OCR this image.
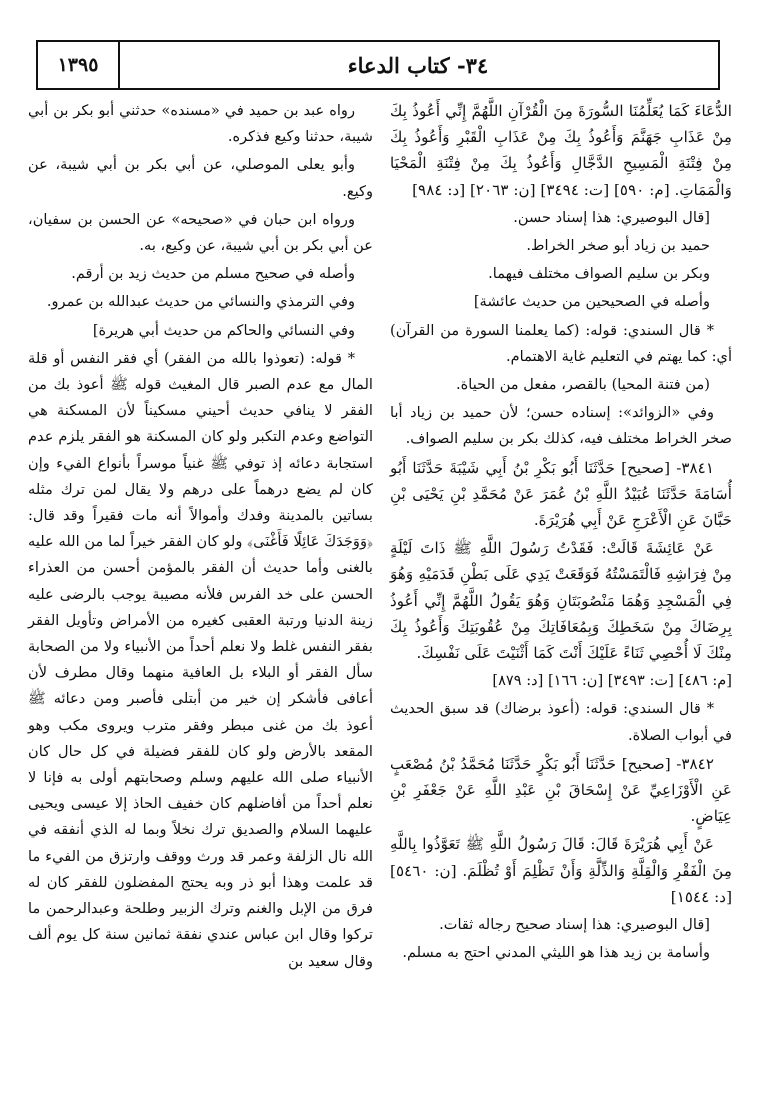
١٣٩٥	٣٤- كتاب الدعاء

الدُّعَاءَ كَمَا يُعَلِّمُنَا السُّورَةَ مِنَ الْقُرْآنِ اللَّهُمَّ إِنِّي أَعُوذُ بِكَ مِنْ عَذَابِ جَهَنَّمَ وَأَعُوذُ بِكَ مِنْ عَذَابِ الْقَبْرِ وَأَعُوذُ بِكَ مِنْ فِتْنَةِ الْمَسِيحِ الدَّجَّالِ وَأَعُوذُ بِكَ مِنْ فِتْنَةِ الْمَحْيَا وَالْمَمَاتِ. [م: ٥٩٠] [ت: ٣٤٩٤] [ن: ٢٠٦٣] [د: ٩٨٤]

[قال البوصيري: هذا إسناد حسن.

حميد بن زياد أبو صخر الخراط.

وبكر بن سليم الصواف مختلف فيهما.

وأصله في الصحيحين من حديث عائشة]

* قال السندي: قوله: (كما يعلمنا السورة من القرآن) أي: كما يهتم في التعليم غاية الاهتمام.

(من فتنة المحيا) بالقصر، مفعل من الحياة.

وفي «الزوائد»: إسناده حسن؛ لأن حميد بن زياد أبا صخر الخراط مختلف فيه، كذلك بكر بن سليم الصواف.

٣٨٤١- [صحيح] حَدَّثَنَا أَبُو بَكْرِ بْنُ أَبِي شَيْبَةَ حَدَّثَنَا أَبُو أُسَامَةَ حَدَّثَنَا عُبَيْدُ اللَّهِ بْنُ عُمَرَ عَنْ مُحَمَّدِ بْنِ يَحْيَى بْنِ حَبَّانَ عَنِ الْأَعْرَجِ عَنْ أَبِي هُرَيْرَةَ.

عَنْ عَائِشَةَ قَالَتْ: فَقَدْتُ رَسُولَ اللَّهِ ﷺ ذَاتَ لَيْلَةٍ مِنْ فِرَاشِهِ فَالْتَمَسْتُهُ فَوَقَعَتْ يَدِي عَلَى بَطْنِ قَدَمَيْهِ وَهُوَ فِي الْمَسْجِدِ وَهُمَا مَنْصُوبَتَانِ وَهُوَ يَقُولُ اللَّهُمَّ إِنِّي أَعُوذُ بِرِضَاكَ مِنْ سَخَطِكَ وَبِمُعَافَاتِكَ مِنْ عُقُوبَتِكَ وَأَعُوذُ بِكَ مِنْكَ لَا أُحْصِي ثَنَاءً عَلَيْكَ أَنْتَ كَمَا أَثْنَيْتَ عَلَى نَفْسِكَ.

[م: ٤٨٦] [ت: ٣٤٩٣] [ن: ١٦٦] [د: ٨٧٩]

* قال السندي: قوله: (أعوذ برضاك) قد سبق الحديث في أبواب الصلاة.

٣٨٤٢- [صحيح] حَدَّثَنَا أَبُو بَكْرٍ حَدَّثَنَا مُحَمَّدُ بْنُ مُصْعَبٍ عَنِ الْأَوْزَاعِيِّ عَنْ إِسْحَاقَ بْنِ عَبْدِ اللَّهِ عَنْ جَعْفَرِ بْنِ عِيَاضٍ.

عَنْ أَبِي هُرَيْرَةَ قَالَ: قَالَ رَسُولُ اللَّهِ ﷺ تَعَوَّذُوا بِاللَّهِ مِنَ الْفَقْرِ وَالْقِلَّةِ وَالذِّلَّةِ وَأَنْ تَظْلِمَ أَوْ تُظْلَمَ. [ن: ٥٤٦٠] [د: ١٥٤٤]

[قال البوصيري: هذا إسناد صحيح رجاله ثقات.

وأسامة بن زيد هذا هو الليثي المدني احتج به مسلم.

رواه عبد بن حميد في «مسنده» حدثني أبو بكر بن أبي شيبة، حدثنا وكيع فذكره.

وأبو يعلى الموصلي، عن أبي بكر بن أبي شيبة، عن وكيع.

ورواه ابن حبان في «صحيحه» عن الحسن بن سفيان، عن أبي بكر بن أبي شيبة، عن وكيع، به.

وأصله في صحيح مسلم من حديث زيد بن أرقم.

وفي الترمذي والنسائي من حديث عبدالله بن عمرو.

وفي النسائي والحاكم من حديث أبي هريرة]

* قوله: (تعوذوا بالله من الفقر) أي فقر النفس أو قلة المال مع عدم الصبر قال المغيث قوله ﷺ أعوذ بك من الفقر لا ينافي حديث أحيني مسكيناً لأن المسكنة هي التواضع وعدم التكبر ولو كان المسكنة هو الفقر يلزم عدم استجابة دعائه إذ توفي ﷺ غنياً موسراً بأنواع الفيء وإن كان لم يضع درهماً على درهم ولا يقال لمن ترك مثله بساتين بالمدينة وفدك وأموالاً أنه مات فقيراً وقد قال: ﴿وَوَجَدَكَ عَائِلًا فَأَغْنَى﴾ ولو كان الفقر خيراً لما من الله عليه بالغنى وأما حديث أن الفقر بالمؤمن أحسن من العذراء الحسن على خد الفرس فلأنه مصيبة يوجب بالرضى عليه زينة الدنيا ورتبة العقبى كغيره من الأمراض وتأويل الفقر بفقر النفس غلط ولا نعلم أحداً من الأنبياء ولا من الصحابة سأل الفقر أو البلاء بل العافية منهما وقال مطرف لأن أعافى فأشكر إن خير من أبتلى فأصبر ومن دعائه ﷺ أعوذ بك من غنى مبطر وفقر مترب ويروى مكب وهو المقعد بالأرض ولو كان للفقر فضيلة في كل حال كان الأنبياء صلى الله عليهم وسلم وصحابتهم أولى به فإنا لا نعلم أحداً من أفاضلهم كان خفيف الحاذ إلا عيسى ويحيى عليهما السلام والصديق ترك نخلاً وبما له الذي أنفقه في الله نال الزلفة وعمر قد ورث ووقف وارتزق من الفيء ما قد علمت وهذا أبو ذر وبه يحتج المفضلون للفقر كان له فرق من الإبل والغنم وترك الزبير وطلحة وعبدالرحمن ما تركوا وقال ابن عباس عندي نفقة ثمانين سنة كل يوم ألف وقال سعيد بن
